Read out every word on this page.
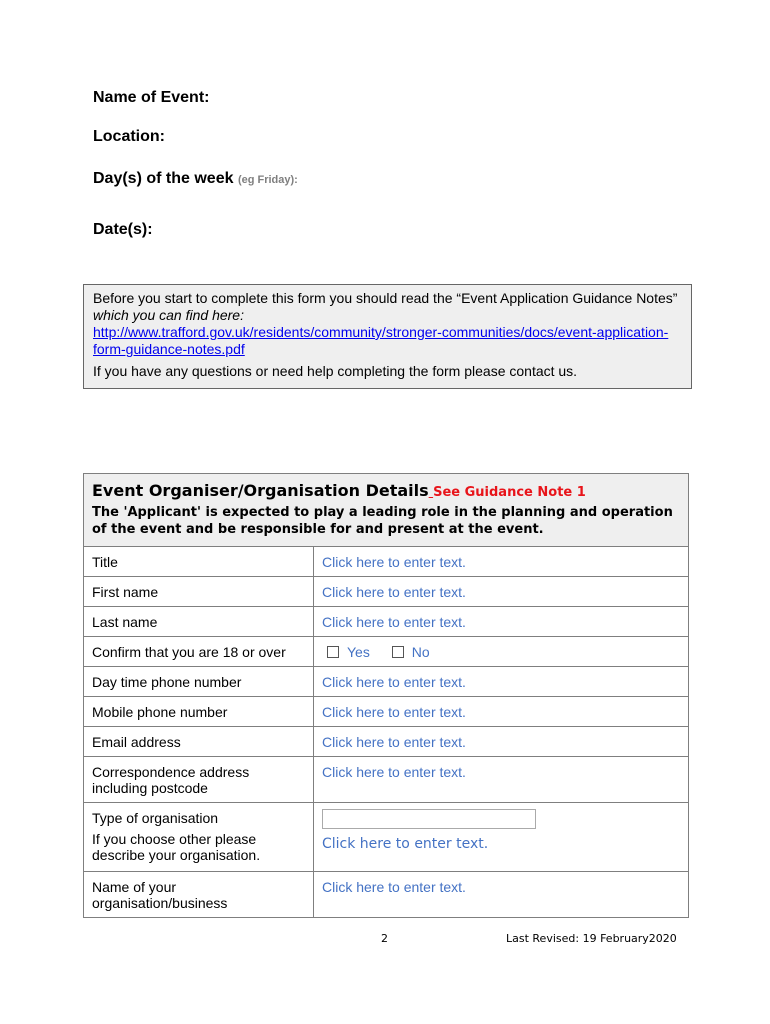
Name of Event:
Location:
Day(s) of the week (eg Friday):
Date(s):

Before you start to complete this form you should read the “Event Application Guidance Notes” which you can find here:

http://www.trafford.gov.uk/residents/community/stronger-communities/docs/event-application-form-guidance-notes.pdf

If you have any questions or need help completing the form please contact us.

Event Organiser/Organisation Details See Guidance Note 1
The 'Applicant' is expected to play a leading role in the planning and operation of the event and be responsible for and present at the event.	

Title	Click here to enter text.
First name	Click here to enter text.
Last name	Click here to enter text.
Confirm that you are 18 or over	Yes No
Day time phone number	Click here to enter text.
Mobile phone number	Click here to enter text.
Email address	Click here to enter text.
Correspondence address including postcode	Click here to enter text.

Type of organisation
If you choose other please describe your organisation.	Click here to enter text.

Name of your organisation/business	Click here to enter text.
2	Last Revised: 19 February2020
